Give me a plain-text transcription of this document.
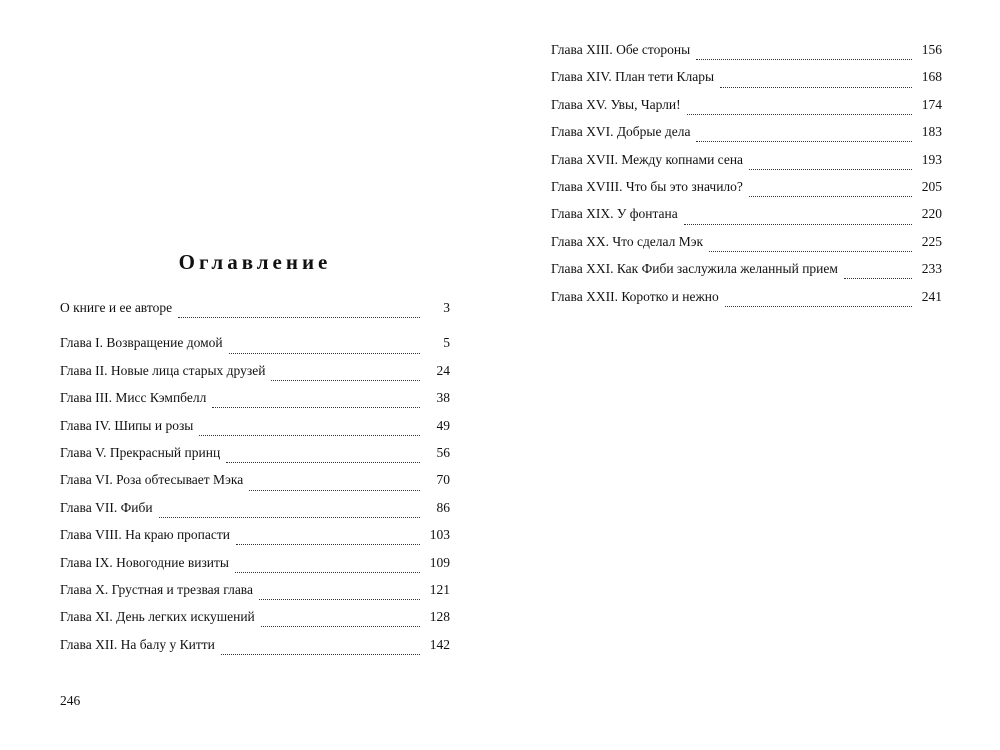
Оглавление
О книге и ее авторе	3
Глава I. Возвращение домой	5
Глава II. Новые лица старых друзей	24
Глава III. Мисс Кэмпбелл	38
Глава IV. Шипы и розы	49
Глава V. Прекрасный принц	56
Глава VI. Роза обтесывает Мэка	70
Глава VII. Фиби	86
Глава VIII. На краю пропасти	103
Глава IX. Новогодние визиты	109
Глава X. Грустная и трезвая глава	121
Глава XI. День легких искушений	128
Глава XII. На балу у Китти	142
246
Глава XIII. Обе стороны	156
Глава XIV. План тети Клары	168
Глава XV. Увы, Чарли!	174
Глава XVI. Добрые дела	183
Глава XVII. Между копнами сена	193
Глава XVIII. Что бы это значило?	205
Глава XIX. У фонтана	220
Глава XX. Что сделал Мэк	225
Глава XXI. Как Фиби заслужила желанный прием	233
Глава XXII. Коротко и нежно	241
